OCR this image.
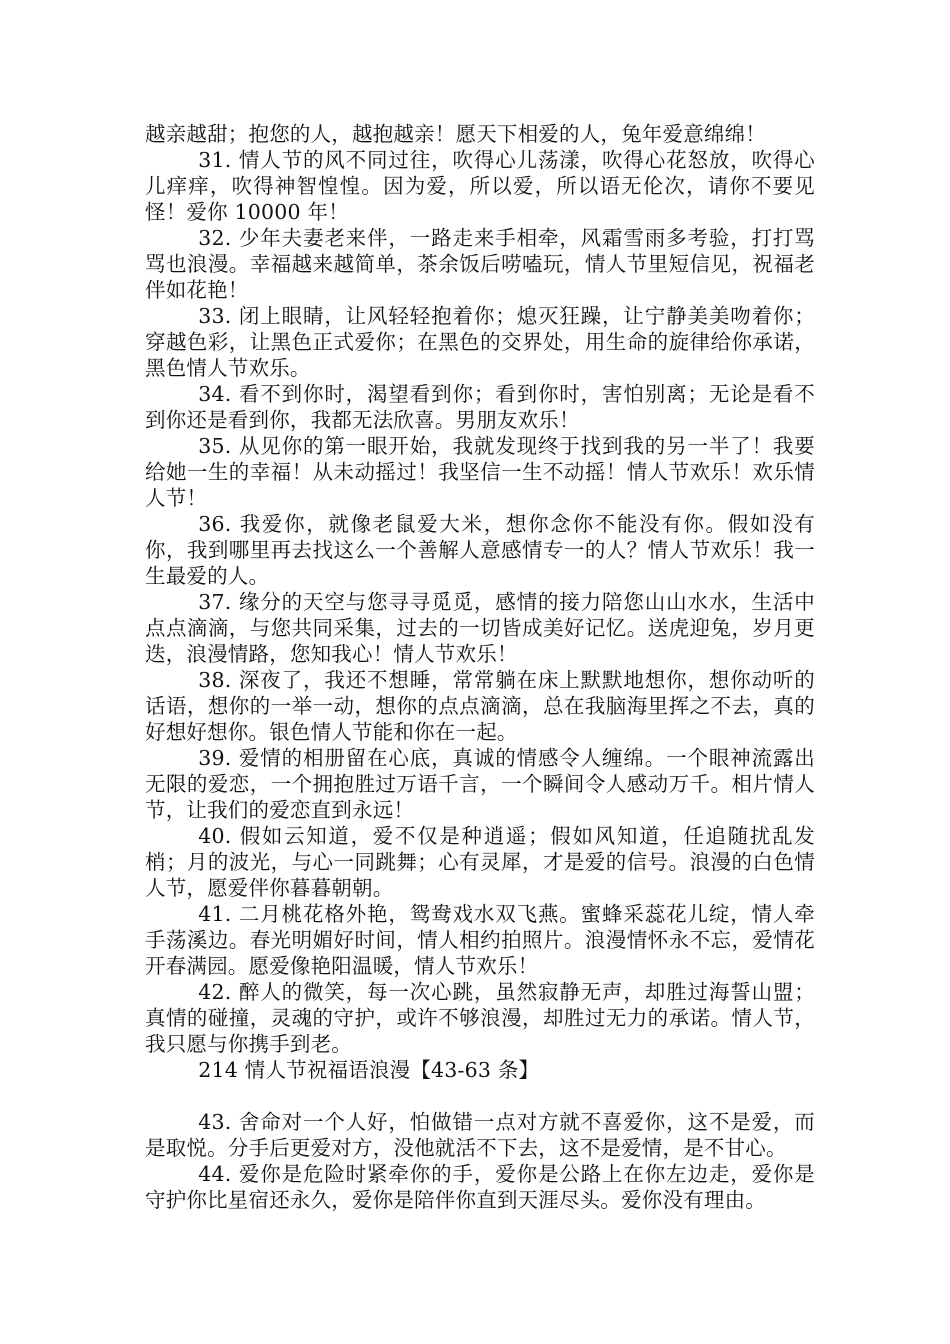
越亲越甜；抱您的人，越抱越亲！愿天下相爱的人，兔年爱意绵绵！

31. 情人节的风不同过往，吹得心儿荡漾，吹得心花怒放，吹得心儿痒痒，吹得神智惶惶。因为爱，所以爱，所以语无伦次，请你不要见怪！爱你 10000 年！

32. 少年夫妻老来伴，一路走来手相牵，风霜雪雨多考验，打打骂骂也浪漫。幸福越来越简单，茶余饭后唠嗑玩，情人节里短信见，祝福老伴如花艳！

33. 闭上眼睛，让风轻轻抱着你；熄灭狂躁，让宁静美美吻着你；穿越色彩，让黑色正式爱你；在黑色的交界处，用生命的旋律给你承诺，黑色情人节欢乐。

34. 看不到你时，渴望看到你；看到你时，害怕别离；无论是看不到你还是看到你，我都无法欣喜。男朋友欢乐！

35. 从见你的第一眼开始，我就发现终于找到我的另一半了！我要给她一生的幸福！从未动摇过！我坚信一生不动摇！情人节欢乐！欢乐情人节！

36. 我爱你，就像老鼠爱大米，想你念你不能没有你。假如没有你，我到哪里再去找这么一个善解人意感情专一的人？情人节欢乐！我一生最爱的人。

37. 缘分的天空与您寻寻觅觅，感情的接力陪您山山水水，生活中点点滴滴，与您共同采集，过去的一切皆成美好记忆。送虎迎兔，岁月更迭，浪漫情路，您知我心！情人节欢乐！

38. 深夜了，我还不想睡，常常躺在床上默默地想你，想你动听的话语，想你的一举一动，想你的点点滴滴，总在我脑海里挥之不去，真的好想好想你。银色情人节能和你在一起。

39. 爱情的相册留在心底，真诚的情感令人缠绵。一个眼神流露出无限的爱恋，一个拥抱胜过万语千言，一个瞬间令人感动万千。相片情人节，让我们的爱恋直到永远！

40. 假如云知道，爱不仅是种逍遥；假如风知道，任追随扰乱发梢；月的波光，与心一同跳舞；心有灵犀，才是爱的信号。浪漫的白色情人节，愿爱伴你暮暮朝朝。

41. 二月桃花格外艳，鸳鸯戏水双飞燕。蜜蜂采蕊花儿绽，情人牵手荡溪边。春光明媚好时间，情人相约拍照片。浪漫情怀永不忘，爱情花开春满园。愿爱像艳阳温暖，情人节欢乐！

42. 醉人的微笑，每一次心跳，虽然寂静无声，却胜过海誓山盟；真情的碰撞，灵魂的守护，或许不够浪漫，却胜过无力的承诺。情人节，我只愿与你携手到老。

214 情人节祝福语浪漫【43-63 条】

43. 舍命对一个人好，怕做错一点对方就不喜爱你，这不是爱，而是取悦。分手后更爱对方，没他就活不下去，这不是爱情，是不甘心。

44. 爱你是危险时紧牵你的手，爱你是公路上在你左边走，爱你是守护你比星宿还永久，爱你是陪伴你直到天涯尽头。爱你没有理由。
